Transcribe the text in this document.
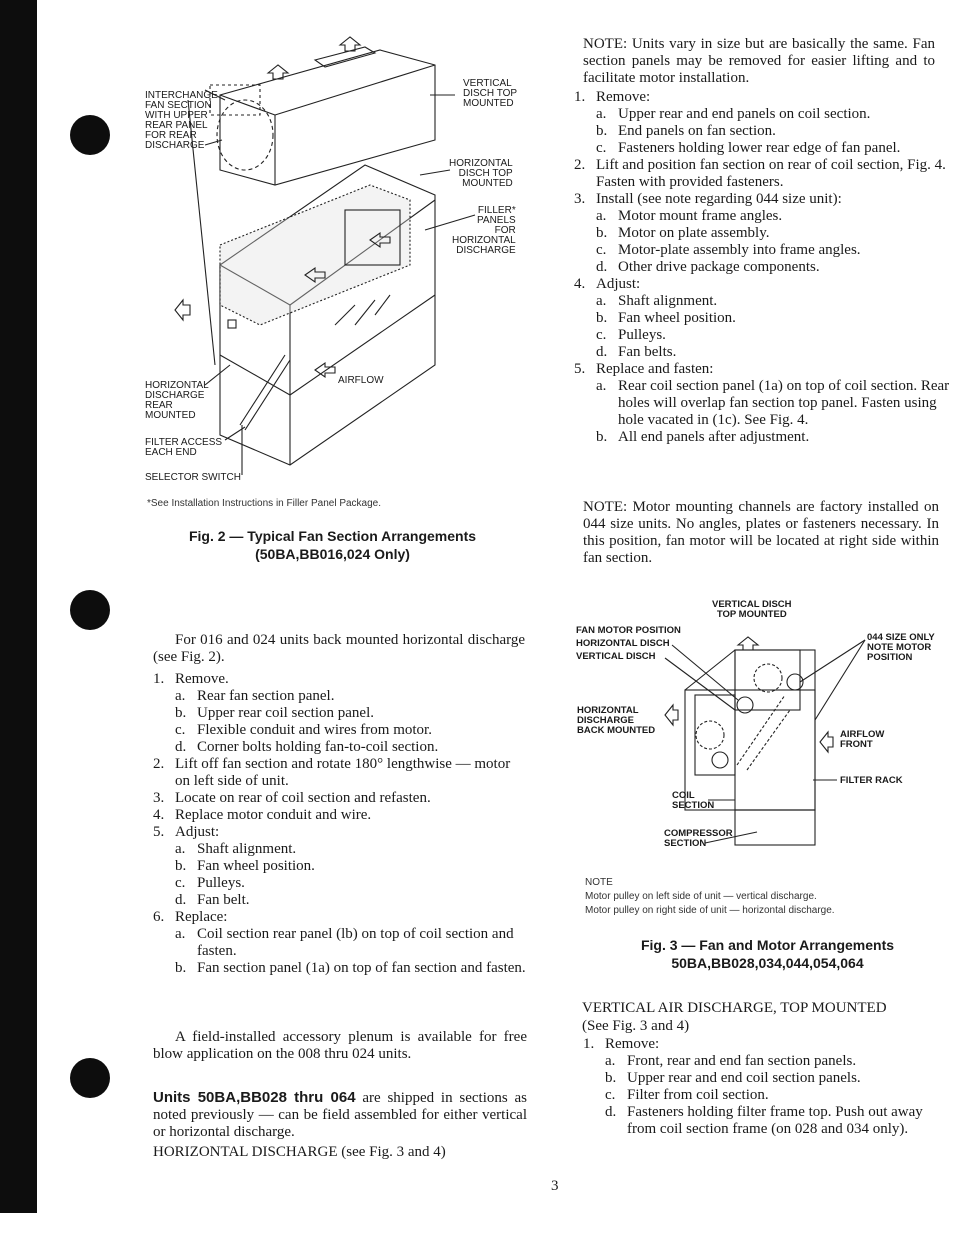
INTERCHANGE
FAN SECTION
WITH UPPER
REAR PANEL
FOR REAR
DISCHARGE
VERTICAL
DISCH TOP
MOUNTED
HORIZONTAL
DISCH TOP
MOUNTED
FILLER*
PANELS
FOR
HORIZONTAL
DISCHARGE
AIRFLOW
HORIZONTAL
DISCHARGE
REAR
MOUNTED
FILTER ACCESS
EACH END
SELECTOR SWITCH
*See Installation Instructions in Filler Panel Package.
Fig. 2 — Typical Fan Section Arrangements
(50BA,BB016,024 Only)
For 016 and 024 units back mounted horizontal discharge (see Fig. 2).
1. Remove.
a. Rear fan section panel.
b. Upper rear coil section panel.
c. Flexible conduit and wires from motor.
d. Corner bolts holding fan-to-coil section.
2. Lift off fan section and rotate 180° lengthwise — motor on left side of unit.
3. Locate on rear of coil section and refasten.
4. Replace motor conduit and wire.
5. Adjust:
a. Shaft alignment.
b. Fan wheel position.
c. Pulleys.
d. Fan belt.
6. Replace:
a. Coil section rear panel (lb) on top of coil section and fasten.
b. Fan section panel (1a) on top of fan section and fasten.
A field-installed accessory plenum is available for free blow application on the 008 thru 024 units.
Units 50BA,BB028 thru 064 are shipped in sections as noted previously — can be field assembled for either vertical or horizontal discharge.
HORIZONTAL DISCHARGE (see Fig. 3 and 4)
NOTE: Units vary in size but are basically the same. Fan section panels may be removed for easier lifting and to facilitate motor installation.
1. Remove:
a. Upper rear and end panels on coil section.
b. End panels on fan section.
c. Fasteners holding lower rear edge of fan panel.
2. Lift and position fan section on rear of coil section, Fig. 4. Fasten with provided fasteners.
3. Install (see note regarding 044 size unit):
a. Motor mount frame angles.
b. Motor on plate assembly.
c. Motor-plate assembly into frame angles.
d. Other drive package components.
4. Adjust:
a. Shaft alignment.
b. Fan wheel position.
c. Pulleys.
d. Fan belts.
5. Replace and fasten:
a. Rear coil section panel (1a) on top of coil section. Rear holes will overlap fan section top panel. Fasten using hole vacated in (1c). See Fig. 4.
b. All end panels after adjustment.
NOTE: Motor mounting channels are factory installed on 044 size units. No angles, plates or fasteners necessary. In this position, fan motor will be located at right side within fan section.
VERTICAL DISCH
TOP MOUNTED
FAN MOTOR POSITION
HORIZONTAL DISCH
VERTICAL DISCH
044 SIZE ONLY
NOTE MOTOR
POSITION
HORIZONTAL
DISCHARGE
BACK MOUNTED	AIRFLOW
FRONT
FILTER RACK
COIL
SECTION
COMPRESSOR
SECTION
NOTE
Motor pulley on left side of unit — vertical discharge.
Motor pulley on right side of unit — horizontal discharge.
Fig. 3 — Fan and Motor Arrangements
50BA,BB028,034,044,054,064
VERTICAL AIR DISCHARGE, TOP MOUNTED
(See Fig. 3 and 4)
1. Remove:
a. Front, rear and end fan section panels.
b. Upper rear and end coil section panels.
c. Filter from coil section.
d. Fasteners holding filter frame top. Push out away from coil section frame (on 028 and 034 only).
3
